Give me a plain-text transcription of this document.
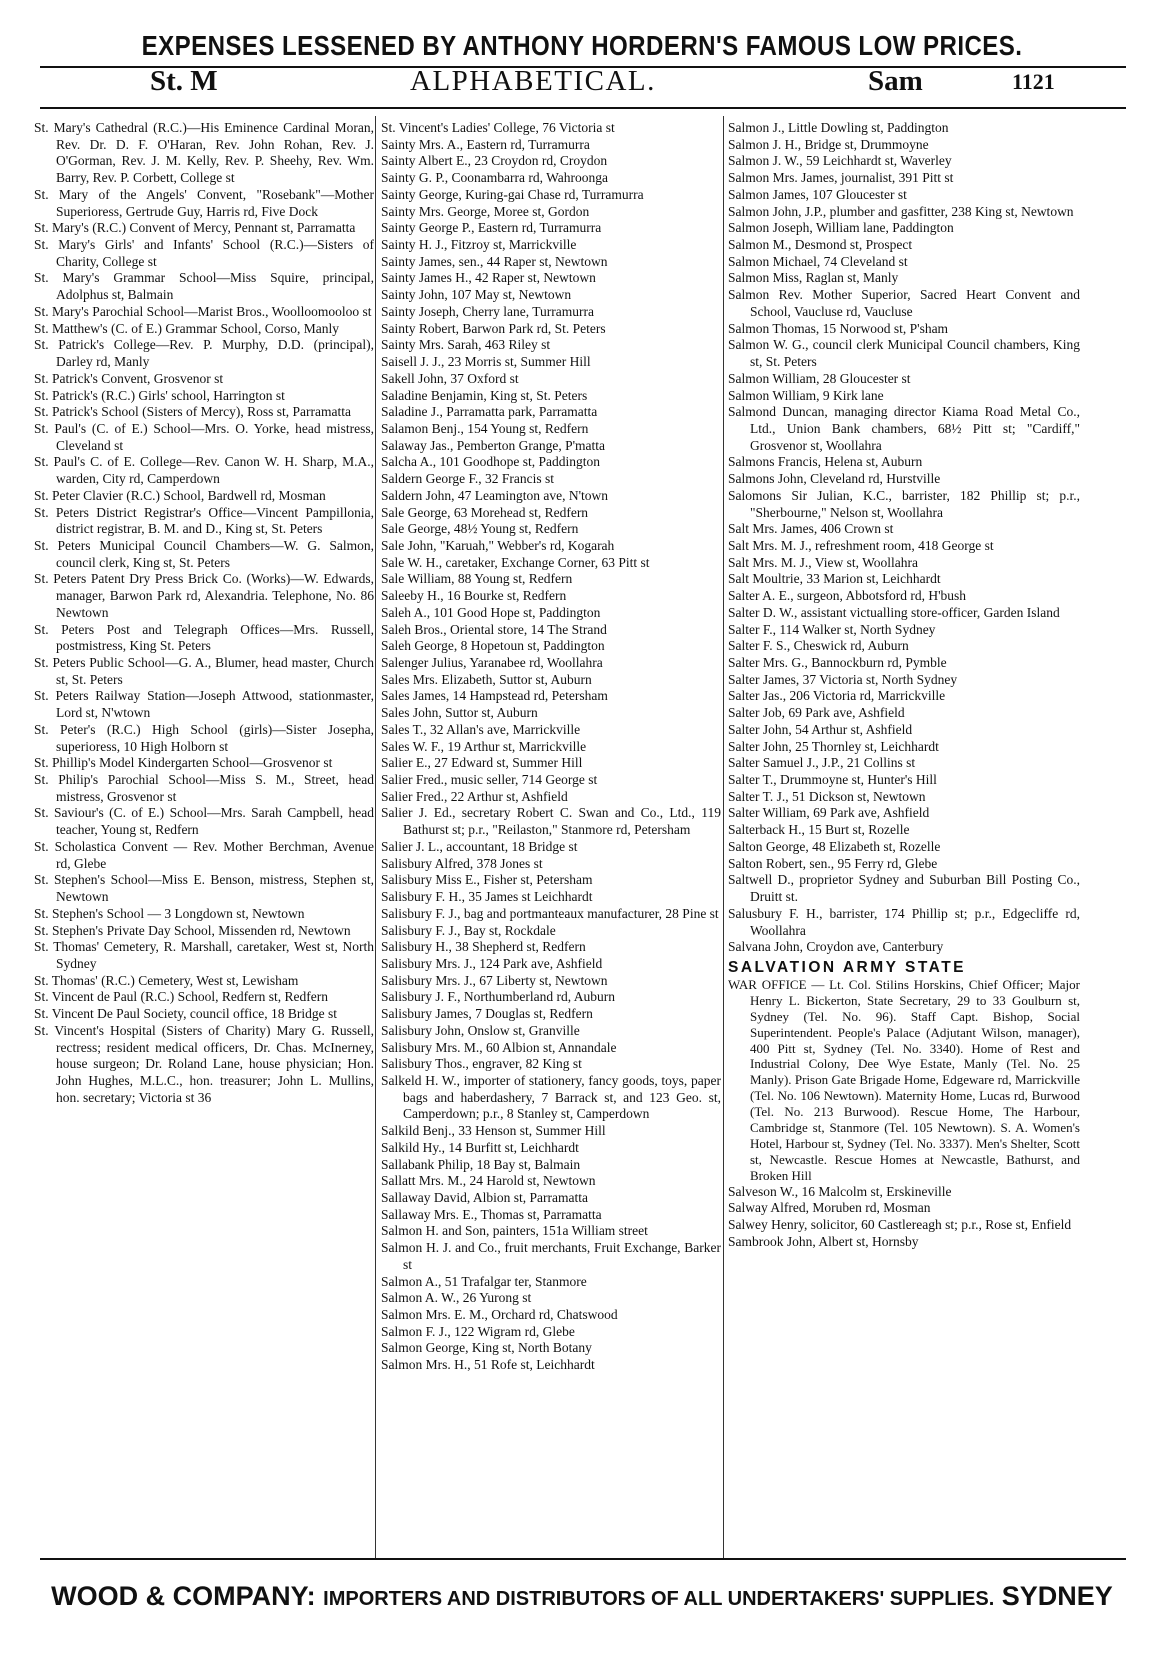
EXPENSES LESSENED BY ANTHONY HORDERN'S FAMOUS LOW PRICES.
St. M	ALPHABETICAL.	Sam	1121

St. Mary's Cathedral (R.C.)—His Eminence Cardinal Moran, Rev. Dr. D. F. O'Haran, Rev. John Rohan, Rev. J. O'Gorman, Rev. J. M. Kelly, Rev. P. Sheehy, Rev. Wm. Barry, Rev. P. Corbett, College st

St. Mary of the Angels' Convent, "Rosebank"—Mother Superioress, Gertrude Guy, Harris rd, Five Dock

St. Mary's (R.C.) Convent of Mercy, Pennant st, Parramatta

St. Mary's Girls' and Infants' School (R.C.)—Sisters of Charity, College st

St. Mary's Grammar School—Miss Squire, principal, Adolphus st, Balmain

St. Mary's Parochial School—Marist Bros., Woolloomooloo st

St. Matthew's (C. of E.) Grammar School, Corso, Manly

St. Patrick's College—Rev. P. Murphy, D.D. (principal), Darley rd, Manly

St. Patrick's Convent, Grosvenor st

St. Patrick's (R.C.) Girls' school, Harrington st

St. Patrick's School (Sisters of Mercy), Ross st, Parramatta

St. Paul's (C. of E.) School—Mrs. O. Yorke, head mistress, Cleveland st

St. Paul's C. of E. College—Rev. Canon W. H. Sharp, M.A., warden, City rd, Camperdown

St. Peter Clavier (R.C.) School, Bardwell rd, Mosman

St. Peters District Registrar's Office—Vincent Pampillonia, district registrar, B. M. and D., King st, St. Peters

St. Peters Municipal Council Chambers—W. G. Salmon, council clerk, King st, St. Peters

St. Peters Patent Dry Press Brick Co. (Works)—W. Edwards, manager, Barwon Park rd, Alexandria. Telephone, No. 86 Newtown

St. Peters Post and Telegraph Offices—Mrs. Russell, postmistress, King St. Peters

St. Peters Public School—G. A., Blumer, head master, Church st, St. Peters

St. Peters Railway Station—Joseph Attwood, stationmaster, Lord st, N'wtown

St. Peter's (R.C.) High School (girls)—Sister Josepha, superioress, 10 High Holborn st

St. Phillip's Model Kindergarten School—Grosvenor st

St. Philip's Parochial School—Miss S. M., Street, head mistress, Grosvenor st

St. Saviour's (C. of E.) School—Mrs. Sarah Campbell, head teacher, Young st, Redfern

St. Scholastica Convent — Rev. Mother Berchman, Avenue rd, Glebe

St. Stephen's School—Miss E. Benson, mistress, Stephen st, Newtown

St. Stephen's School — 3 Longdown st, Newtown

St. Stephen's Private Day School, Missenden rd, Newtown

St. Thomas' Cemetery, R. Marshall, caretaker, West st, North Sydney

St. Thomas' (R.C.) Cemetery, West st, Lewisham

St. Vincent de Paul (R.C.) School, Redfern st, Redfern

St. Vincent De Paul Society, council office, 18 Bridge st

St. Vincent's Hospital (Sisters of Charity) Mary G. Russell, rectress; resident medical officers, Dr. Chas. McInerney, house surgeon; Dr. Roland Lane, house physician; Hon. John Hughes, M.L.C., hon. treasurer; John L. Mullins, hon. secretary; Victoria st 36

St. Vincent's Ladies' College, 76 Victoria st

Sainty Mrs. A., Eastern rd, Turramurra

Sainty Albert E., 23 Croydon rd, Croydon

Sainty G. P., Coonambarra rd, Wahroonga

Sainty George, Kuring-gai Chase rd, Turramurra

Sainty Mrs. George, Moree st, Gordon

Sainty George P., Eastern rd, Turramurra

Sainty H. J., Fitzroy st, Marrickville

Sainty James, sen., 44 Raper st, Newtown

Sainty James H., 42 Raper st, Newtown

Sainty John, 107 May st, Newtown

Sainty Joseph, Cherry lane, Turramurra

Sainty Robert, Barwon Park rd, St. Peters

Sainty Mrs. Sarah, 463 Riley st

Saisell J. J., 23 Morris st, Summer Hill

Sakell John, 37 Oxford st

Saladine Benjamin, King st, St. Peters

Saladine J., Parramatta park, Parramatta

Salamon Benj., 154 Young st, Redfern

Salaway Jas., Pemberton Grange, P'matta

Salcha A., 101 Goodhope st, Paddington

Saldern George F., 32 Francis st

Saldern John, 47 Leamington ave, N'town

Sale George, 63 Morehead st, Redfern

Sale George, 48½ Young st, Redfern

Sale John, "Karuah," Webber's rd, Kogarah

Sale W. H., caretaker, Exchange Corner, 63 Pitt st

Sale William, 88 Young st, Redfern

Saleeby H., 16 Bourke st, Redfern

Saleh A., 101 Good Hope st, Paddington

Saleh Bros., Oriental store, 14 The Strand

Saleh George, 8 Hopetoun st, Paddington

Salenger Julius, Yaranabee rd, Woollahra

Sales Mrs. Elizabeth, Suttor st, Auburn

Sales James, 14 Hampstead rd, Petersham

Sales John, Suttor st, Auburn

Sales T., 32 Allan's ave, Marrickville

Sales W. F., 19 Arthur st, Marrickville

Salier E., 27 Edward st, Summer Hill

Salier Fred., music seller, 714 George st

Salier Fred., 22 Arthur st, Ashfield

Salier J. Ed., secretary Robert C. Swan and Co., Ltd., 119 Bathurst st; p.r., "Reilaston," Stanmore rd, Petersham

Salier J. L., accountant, 18 Bridge st

Salisbury Alfred, 378 Jones st

Salisbury Miss E., Fisher st, Petersham

Salisbury F. H., 35 James st Leichhardt

Salisbury F. J., bag and portmanteaux manufacturer, 28 Pine st

Salisbury F. J., Bay st, Rockdale

Salisbury H., 38 Shepherd st, Redfern

Salisbury Mrs. J., 124 Park ave, Ashfield

Salisbury Mrs. J., 67 Liberty st, Newtown

Salisbury J. F., Northumberland rd, Auburn

Salisbury James, 7 Douglas st, Redfern

Salisbury John, Onslow st, Granville

Salisbury Mrs. M., 60 Albion st, Annandale

Salisbury Thos., engraver, 82 King st

Salkeld H. W., importer of stationery, fancy goods, toys, paper bags and haberdashery, 7 Barrack st, and 123 Geo. st, Camperdown; p.r., 8 Stanley st, Camperdown

Salkild Benj., 33 Henson st, Summer Hill

Salkild Hy., 14 Burfitt st, Leichhardt

Sallabank Philip, 18 Bay st, Balmain

Sallatt Mrs. M., 24 Harold st, Newtown

Sallaway David, Albion st, Parramatta

Sallaway Mrs. E., Thomas st, Parramatta

Salmon H. and Son, painters, 151a William street

Salmon H. J. and Co., fruit merchants, Fruit Exchange, Barker st

Salmon A., 51 Trafalgar ter, Stanmore

Salmon A. W., 26 Yurong st

Salmon Mrs. E. M., Orchard rd, Chatswood

Salmon F. J., 122 Wigram rd, Glebe

Salmon George, King st, North Botany

Salmon Mrs. H., 51 Rofe st, Leichhardt

Salmon J., Little Dowling st, Paddington

Salmon J. H., Bridge st, Drummoyne

Salmon J. W., 59 Leichhardt st, Waverley

Salmon Mrs. James, journalist, 391 Pitt st

Salmon James, 107 Gloucester st

Salmon John, J.P., plumber and gasfitter, 238 King st, Newtown

Salmon Joseph, William lane, Paddington

Salmon M., Desmond st, Prospect

Salmon Michael, 74 Cleveland st

Salmon Miss, Raglan st, Manly

Salmon Rev. Mother Superior, Sacred Heart Convent and School, Vaucluse rd, Vaucluse

Salmon Thomas, 15 Norwood st, P'sham

Salmon W. G., council clerk Municipal Council chambers, King st, St. Peters

Salmon William, 28 Gloucester st

Salmon William, 9 Kirk lane

Salmond Duncan, managing director Kiama Road Metal Co., Ltd., Union Bank chambers, 68½ Pitt st; "Cardiff," Grosvenor st, Woollahra

Salmons Francis, Helena st, Auburn

Salmons John, Cleveland rd, Hurstville

Salomons Sir Julian, K.C., barrister, 182 Phillip st; p.r., "Sherbourne," Nelson st, Woollahra

Salt Mrs. James, 406 Crown st

Salt Mrs. M. J., refreshment room, 418 George st

Salt Mrs. M. J., View st, Woollahra

Salt Moultrie, 33 Marion st, Leichhardt

Salter A. E., surgeon, Abbotsford rd, H'bush

Salter D. W., assistant victualling store-officer, Garden Island

Salter F., 114 Walker st, North Sydney

Salter F. S., Cheswick rd, Auburn

Salter Mrs. G., Bannockburn rd, Pymble

Salter James, 37 Victoria st, North Sydney

Salter Jas., 206 Victoria rd, Marrickville

Salter Job, 69 Park ave, Ashfield

Salter John, 54 Arthur st, Ashfield

Salter John, 25 Thornley st, Leichhardt

Salter Samuel J., J.P., 21 Collins st

Salter T., Drummoyne st, Hunter's Hill

Salter T. J., 51 Dickson st, Newtown

Salter William, 69 Park ave, Ashfield

Salterback H., 15 Burt st, Rozelle

Salton George, 48 Elizabeth st, Rozelle

Salton Robert, sen., 95 Ferry rd, Glebe

Saltwell D., proprietor Sydney and Suburban Bill Posting Co., Druitt st.

Salusbury F. H., barrister, 174 Phillip st; p.r., Edgecliffe rd, Woollahra

Salvana John, Croydon ave, Canterbury

SALVATION ARMY STATE

WAR OFFICE — Lt. Col. Stilins Horskins, Chief Officer; Major Henry L. Bickerton, State Secretary, 29 to 33 Goulburn st, Sydney (Tel. No. 96). Staff Capt. Bishop, Social Superintendent. People's Palace (Adjutant Wilson, manager), 400 Pitt st, Sydney (Tel. No. 3340). Home of Rest and Industrial Colony, Dee Wye Estate, Manly (Tel. No. 25 Manly). Prison Gate Brigade Home, Edgeware rd, Marrickville (Tel. No. 106 Newtown). Maternity Home, Lucas rd, Burwood (Tel. No. 213 Burwood). Rescue Home, The Harbour, Cambridge st, Stanmore (Tel. 105 Newtown). S. A. Women's Hotel, Harbour st, Sydney (Tel. No. 3337). Men's Shelter, Scott st, Newcastle. Rescue Homes at Newcastle, Bathurst, and Broken Hill

Salveson W., 16 Malcolm st, Erskineville

Salway Alfred, Moruben rd, Mosman

Salwey Henry, solicitor, 60 Castlereagh st; p.r., Rose st, Enfield

Sambrook John, Albert st, Hornsby

WOOD & COMPANY: IMPORTERS AND DISTRIBUTORS OF ALL UNDERTAKERS' SUPPLIES. SYDNEY
